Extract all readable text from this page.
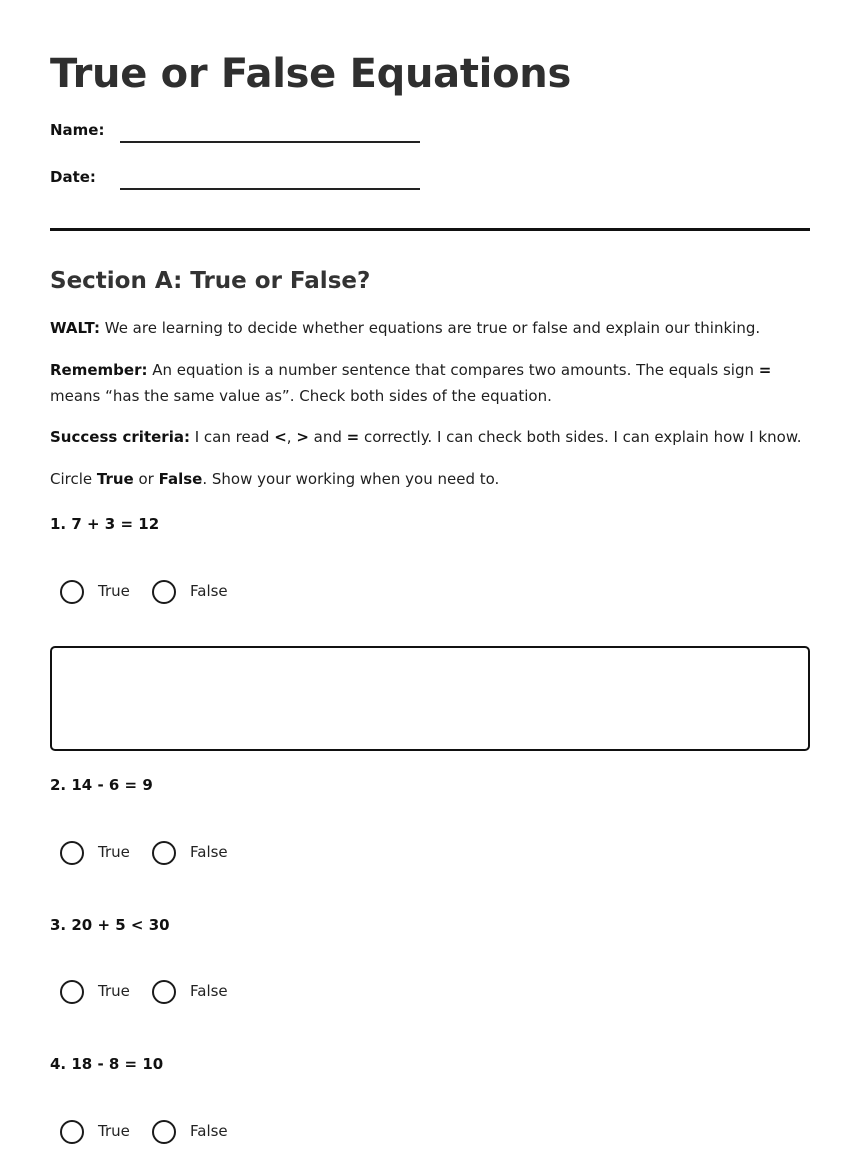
True or False Equations
Name:
Date:
Section A: True or False?

WALT: We are learning to decide whether equations are true or false and explain our thinking.

Remember: An equation is a number sentence that compares two amounts. The equals sign = means “has the same value as”. Check both sides of the equation.

Success criteria: I can read <, > and = correctly. I can check both sides. I can explain how I know.

Circle True or False. Show your working when you need to.

1. 7 + 3 = 12

True	False

2. 14 - 6 = 9

True	False

3. 20 + 5 < 30

True	False

4. 18 - 8 = 10

True	False
